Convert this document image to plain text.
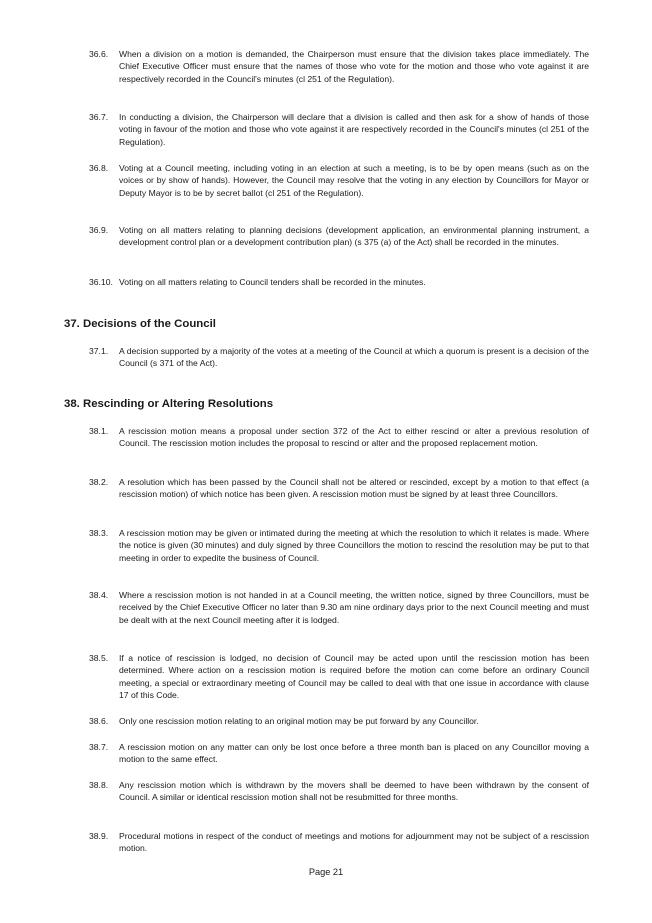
36.6. When a division on a motion is demanded, the Chairperson must ensure that the division takes place immediately. The Chief Executive Officer must ensure that the names of those who vote for the motion and those who vote against it are respectively recorded in the Council's minutes (cl 251 of the Regulation).
36.7. In conducting a division, the Chairperson will declare that a division is called and then ask for a show of hands of those voting in favour of the motion and those who vote against it are respectively recorded in the Council's minutes (cl 251 of the Regulation).
36.8. Voting at a Council meeting, including voting in an election at such a meeting, is to be by open means (such as on the voices or by show of hands). However, the Council may resolve that the voting in any election by Councillors for Mayor or Deputy Mayor is to be by secret ballot (cl 251 of the Regulation).
36.9. Voting on all matters relating to planning decisions (development application, an environmental planning instrument, a development control plan or a development contribution plan) (s 375 (a) of the Act) shall be recorded in the minutes.
36.10. Voting on all matters relating to Council tenders shall be recorded in the minutes.
37. Decisions of the Council
37.1. A decision supported by a majority of the votes at a meeting of the Council at which a quorum is present is a decision of the Council (s 371 of the Act).
38. Rescinding or Altering Resolutions
38.1. A rescission motion means a proposal under section 372 of the Act to either rescind or alter a previous resolution of Council. The rescission motion includes the proposal to rescind or alter and the proposed replacement motion.
38.2. A resolution which has been passed by the Council shall not be altered or rescinded, except by a motion to that effect (a rescission motion) of which notice has been given. A rescission motion must be signed by at least three Councillors.
38.3. A rescission motion may be given or intimated during the meeting at which the resolution to which it relates is made. Where the notice is given (30 minutes) and duly signed by three Councillors the motion to rescind the resolution may be put to that meeting in order to expedite the business of Council.
38.4. Where a rescission motion is not handed in at a Council meeting, the written notice, signed by three Councillors, must be received by the Chief Executive Officer no later than 9.30 am nine ordinary days prior to the next Council meeting and must be dealt with at the next Council meeting after it is lodged.
38.5. If a notice of rescission is lodged, no decision of Council may be acted upon until the rescission motion has been determined. Where action on a rescission motion is required before the motion can come before an ordinary Council meeting, a special or extraordinary meeting of Council may be called to deal with that one issue in accordance with clause 17 of this Code.
38.6. Only one rescission motion relating to an original motion may be put forward by any Councillor.
38.7. A rescission motion on any matter can only be lost once before a three month ban is placed on any Councillor moving a motion to the same effect.
38.8. Any rescission motion which is withdrawn by the movers shall be deemed to have been withdrawn by the consent of Council. A similar or identical rescission motion shall not be resubmitted for three months.
38.9. Procedural motions in respect of the conduct of meetings and motions for adjournment may not be subject of a rescission motion.
Page 21
